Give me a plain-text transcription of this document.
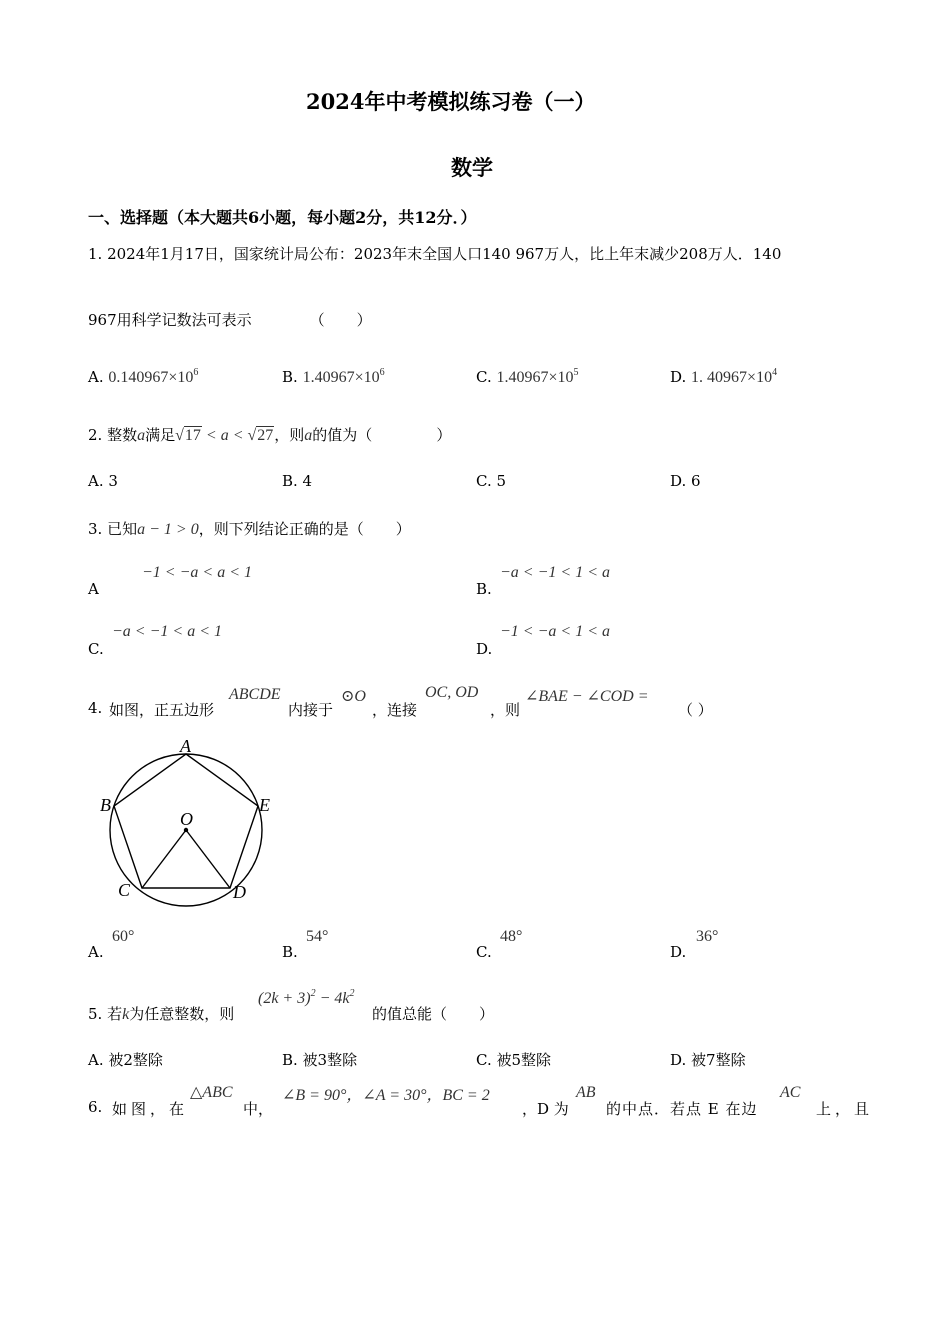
2024年中考模拟练习卷（一）
数学
一、选择题（本大题共6小题，每小题2分，共12分．）
1. 2024年1月17日，国家统计局公布：2023年末全国人口140 967万人，比上年末减少208万人．140
967用科学记数法可表示	（ ）
A. $0.140967\times 10^6$	B. $1.40967\times 10^6$	C. $1.40967\times 10^5$	D. 1. $40967\times 10^4$
2. 整数a满足√17 < a < √27，则a的值为（	）
A. 3	B. 4	C. 5	D. 6
3. 已知a − 1 > 0，则下列结论正确的是（ ）
A
−1 < −a < a < 1
B.
−a < −1 < 1 < a
C.
−a < −1 < a < 1
D.
−1 < −a < 1 < a
4. 如图，正五边形
ABCDE
内接于
⊙O
，连接
OC, OD
，则
∠BAE − ∠COD =
（ ）
A
B	E
O
C	D
A.
60°
B.
54°
C.
48°
D.
36°
5. 若k为任意整数，则
$(2k + 3)^2 - 4k^2$
的值总能（ ）
A. 被2整除	B. 被3整除	C. 被5整除	D. 被7整除
6. 如图，在
△ABC
中，
∠B = 90°，∠A = 30°，BC = 2
，D 为
AB
的中点．若点 E 在边
AC
上，且
